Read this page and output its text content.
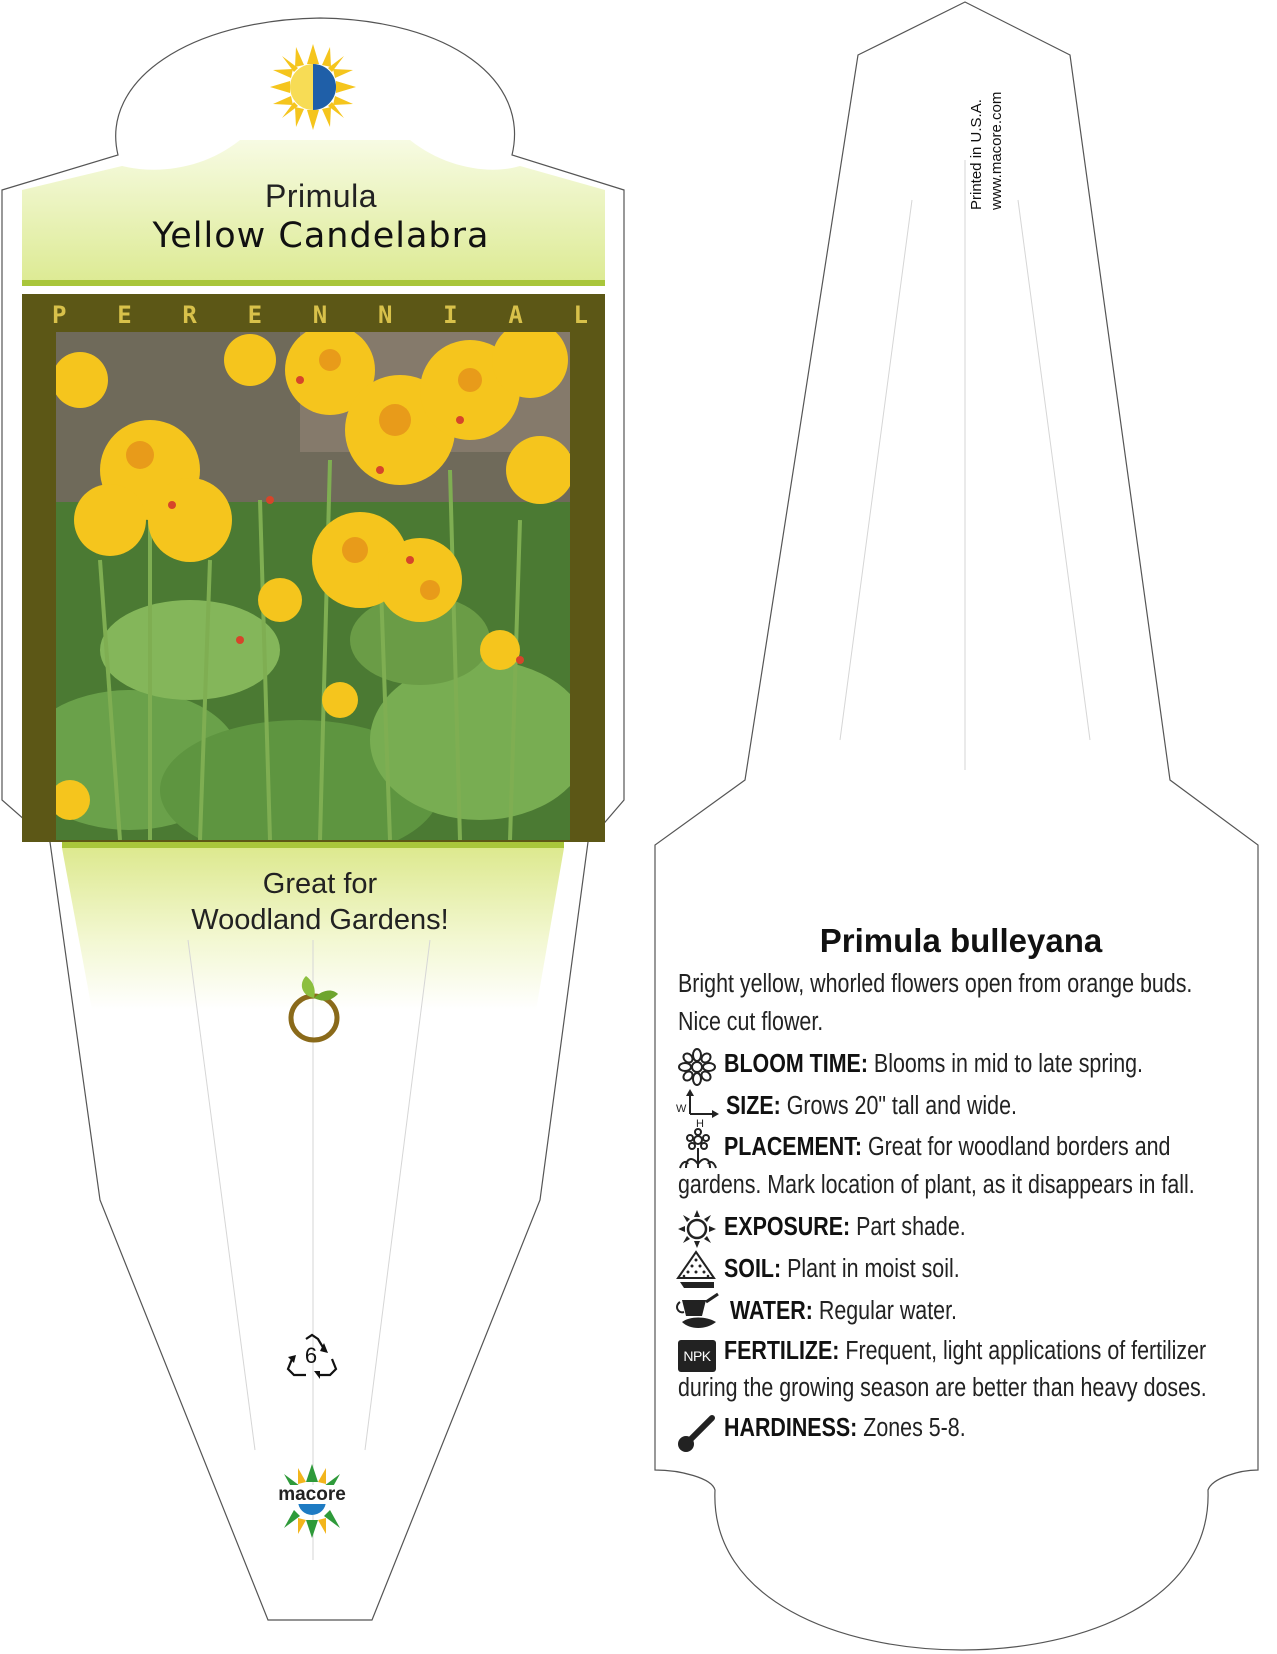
Primula
Yellow Candelabra
P E R E N N I A L
Great for
Woodland Gardens!
6
macore
Printed in U.S.A. www.macore.com
Primula bulleyana
Bright yellow, whorled flowers open from orange buds.
Nice cut flower.
BLOOM TIME: Blooms in mid to late spring.
W
H
SIZE: Grows 20" tall and wide.
PLACEMENT: Great for woodland borders and
gardens. Mark location of plant, as it disappears in fall.
EXPOSURE: Part shade.
SOIL: Plant in moist soil.
WATER: Regular water.
NPK FERTILIZE: Frequent, light applications of fertilizer
during the growing season are better than heavy doses.
HARDINESS: Zones 5-8.
